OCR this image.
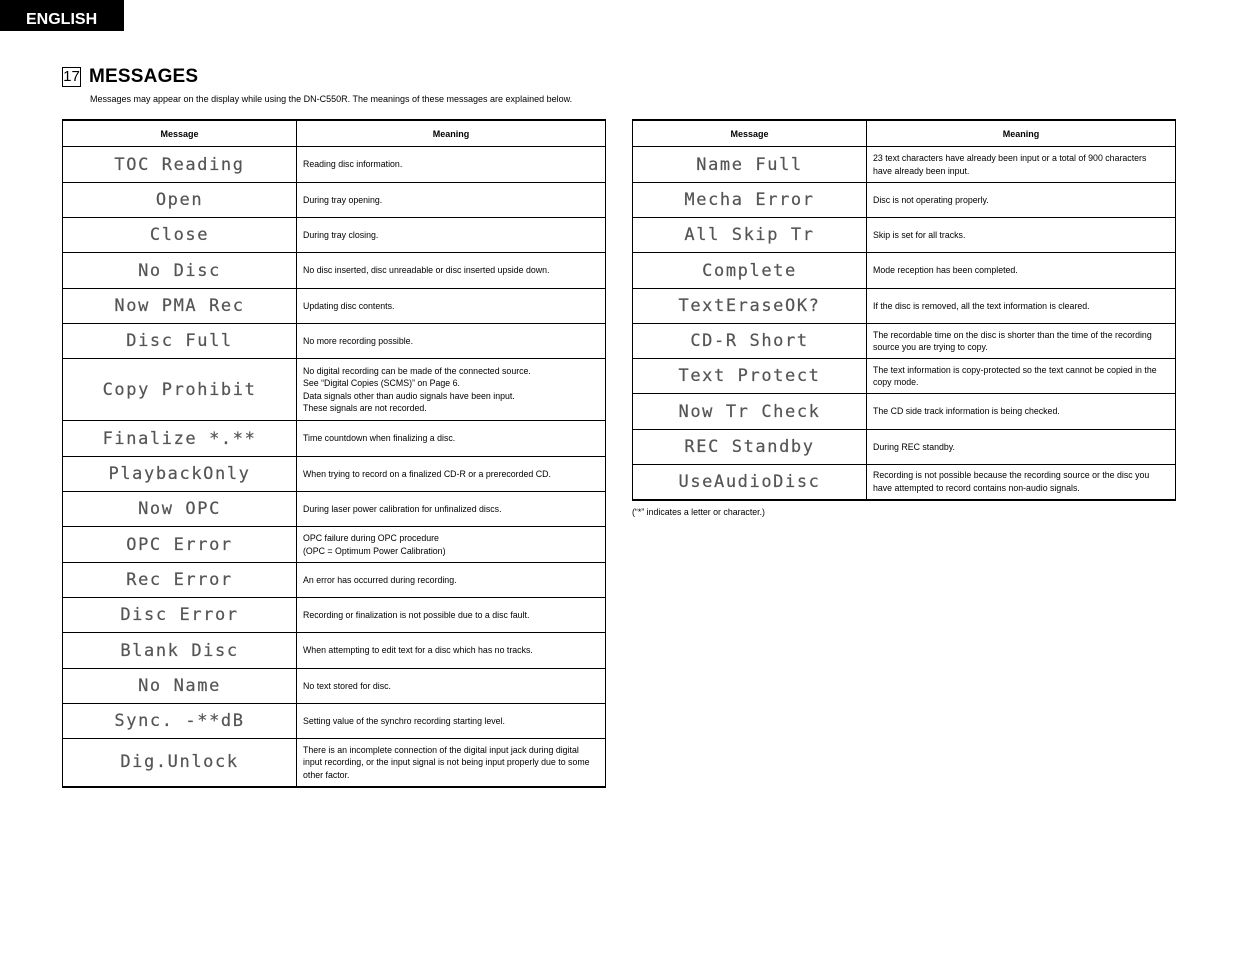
ENGLISH
17 MESSAGES
Messages may appear on the display while using the DN-C550R. The meanings of these messages are explained below.
Message	Meaning
TOC Reading	Reading disc information.
Open	During tray opening.
Close	During tray closing.
No Disc	No disc inserted, disc unreadable or disc inserted upside down.
Now PMA Rec	Updating disc contents.
Disc Full	No more recording possible.
Copy Prohibit	No digital recording can be made of the connected source.
See “Digital Copies (SCMS)” on Page 6.
Data signals other than audio signals have been input.
These signals are not recorded.
Finalize *.**	Time countdown when finalizing a disc.
PlaybackOnly	When trying to record on a finalized CD-R or a prerecorded CD.
Now OPC	During laser power calibration for unfinalized discs.
OPC Error	OPC failure during OPC procedure
(OPC = Optimum Power Calibration)
Rec Error	An error has occurred during recording.
Disc Error	Recording or finalization is not possible due to a disc fault.
Blank Disc	When attempting to edit text for a disc which has no tracks.
No Name	No text stored for disc.
Sync. -**dB	Setting value of the synchro recording starting level.
Dig.Unlock	There is an incomplete connection of the digital input jack during digital input recording, or the input signal is not being input properly due to some other factor.
Message	Meaning
Name Full	23 text characters have already been input or a total of 900 characters have already been input.
Mecha Error	Disc is not operating properly.
All Skip Tr	Skip is set for all tracks.
Complete	Mode reception has been completed.
TextEraseOK?	If the disc is removed, all the text information is cleared.
CD-R Short	The recordable time on the disc is shorter than the time of the recording source you are trying to copy.
Text Protect	The text information is copy-protected so the text cannot be copied in the copy mode.
Now Tr Check	The CD side track information is being checked.
REC Standby	During REC standby.
UseAudioDisc	Recording is not possible because the recording source or the disc you have attempted to record contains non-audio signals.
(“*” indicates a letter or character.)
